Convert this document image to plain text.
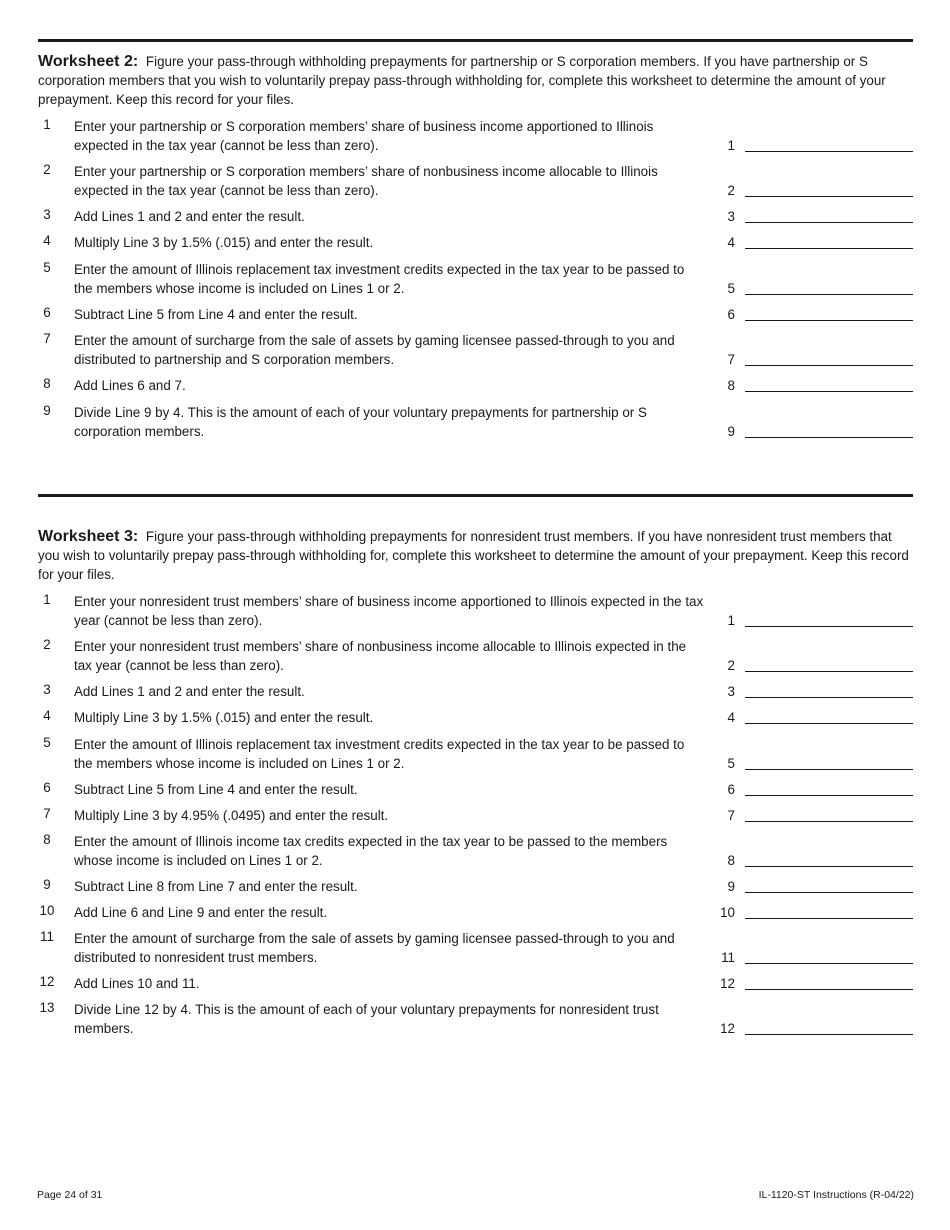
Worksheet 2: Figure your pass-through withholding prepayments for partnership or S corporation members. If you have partnership or S corporation members that you wish to voluntarily prepay pass-through withholding for, complete this worksheet to determine the amount of your prepayment. Keep this record for your files.

1	Enter your partnership or S corporation members’ share of business income apportioned to Illinois expected in the tax year (cannot be less than zero).	1
2	Enter your partnership or S corporation members’ share of nonbusiness income allocable to Illinois expected in the tax year (cannot be less than zero).	2
3	Add Lines 1 and 2 and enter the result.	3
4	Multiply Line 3 by 1.5% (.015) and enter the result.	4
5	Enter the amount of Illinois replacement tax investment credits expected in the tax year to be passed to the members whose income is included on Lines 1 or 2.	5
6	Subtract Line 5 from Line 4 and enter the result.	6
7	Enter the amount of surcharge from the sale of assets by gaming licensee passed-through to you and distributed to partnership and S corporation members.	7
8	Add Lines 6 and 7.	8
9	Divide Line 9 by 4. This is the amount of each of your voluntary prepayments for partnership or S corporation members.	9

Worksheet 3: Figure your pass-through withholding prepayments for nonresident trust members. If you have nonresident trust members that you wish to voluntarily prepay pass-through withholding for, complete this worksheet to determine the amount of your prepayment. Keep this record for your files.

1	Enter your nonresident trust members’ share of business income apportioned to Illinois expected in the tax year (cannot be less than zero).	1
2	Enter your nonresident trust members’ share of nonbusiness income allocable to Illinois expected in the tax year (cannot be less than zero).	2
3	Add Lines 1 and 2 and enter the result.	3
4	Multiply Line 3 by 1.5% (.015) and enter the result.	4
5	Enter the amount of Illinois replacement tax investment credits expected in the tax year to be passed to the members whose income is included on Lines 1 or 2.	5
6	Subtract Line 5 from Line 4 and enter the result.	6
7	Multiply Line 3 by 4.95% (.0495) and enter the result.	7
8	Enter the amount of Illinois income tax credits expected in the tax year to be passed to the members whose income is included on Lines 1 or 2.	8
9	Subtract Line 8 from Line 7 and enter the result.	9
10 Add Line 6 and Line 9 and enter the result.	10
11 Enter the amount of surcharge from the sale of assets by gaming licensee passed-through to you and distributed to nonresident trust members.	11
12 Add Lines 10 and 11.	12
13 Divide Line 12 by 4. This is the amount of each of your voluntary prepayments for nonresident trust members.	12
Page 24 of 31	IL-1120-ST Instructions (R-04/22)
